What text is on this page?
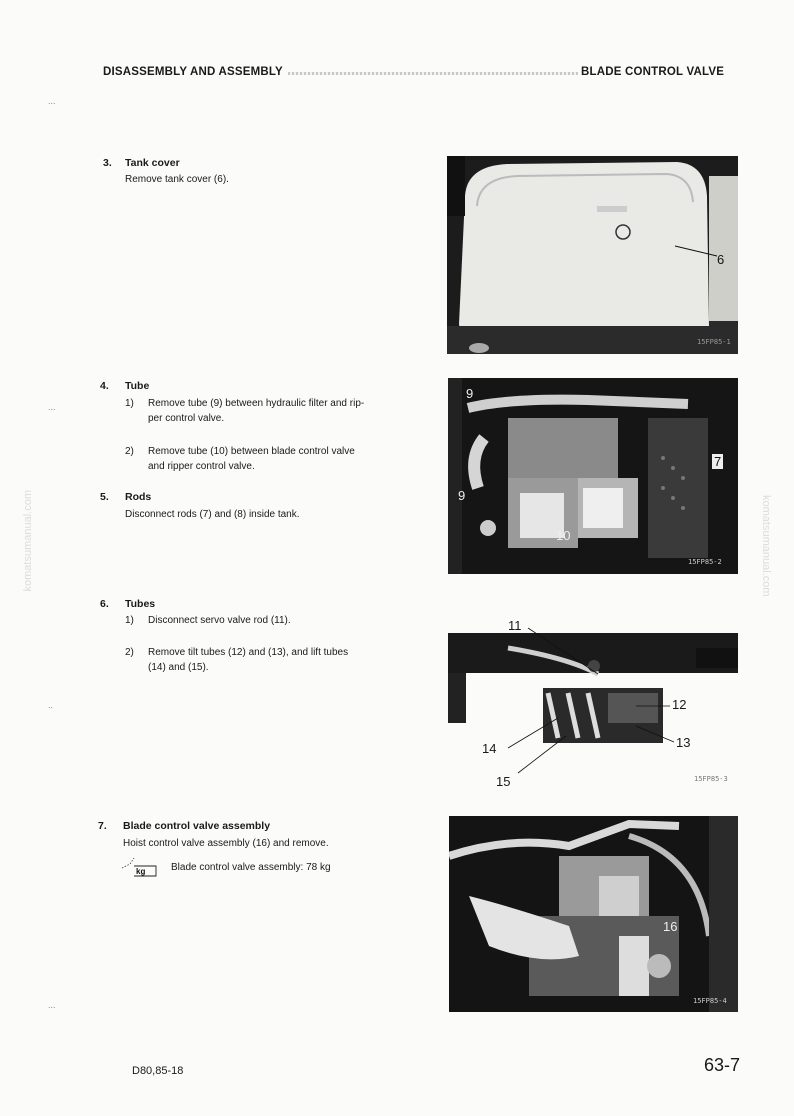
DISASSEMBLY AND ASSEMBLY	BLADE CONTROL VALVE
...
...
..
...
komatsumanual.com	komatsumanual.com
3. Tank cover
Remove tank cover (6).
4. Tube
1) Remove tube (9) between hydraulic filter and rip-
per control valve.
2) Remove tube (10) between blade control valve
and ripper control valve.
5. Rods
Disconnect rods (7) and (8) inside tank.
6. Tubes
1) Disconnect servo valve rod (11).
2) Remove tilt tubes (12) and (13), and lift tubes
(14) and (15).
7. Blade control valve assembly
Hoist control valve assembly (16) and remove.
kg	Blade control valve assembly: 78 kg
6
15FP85-1
9
7
9
10
15FP85-2
11
12
13
14
15	15FP85-3
16
15FP85-4
D80,85-18	63-7
